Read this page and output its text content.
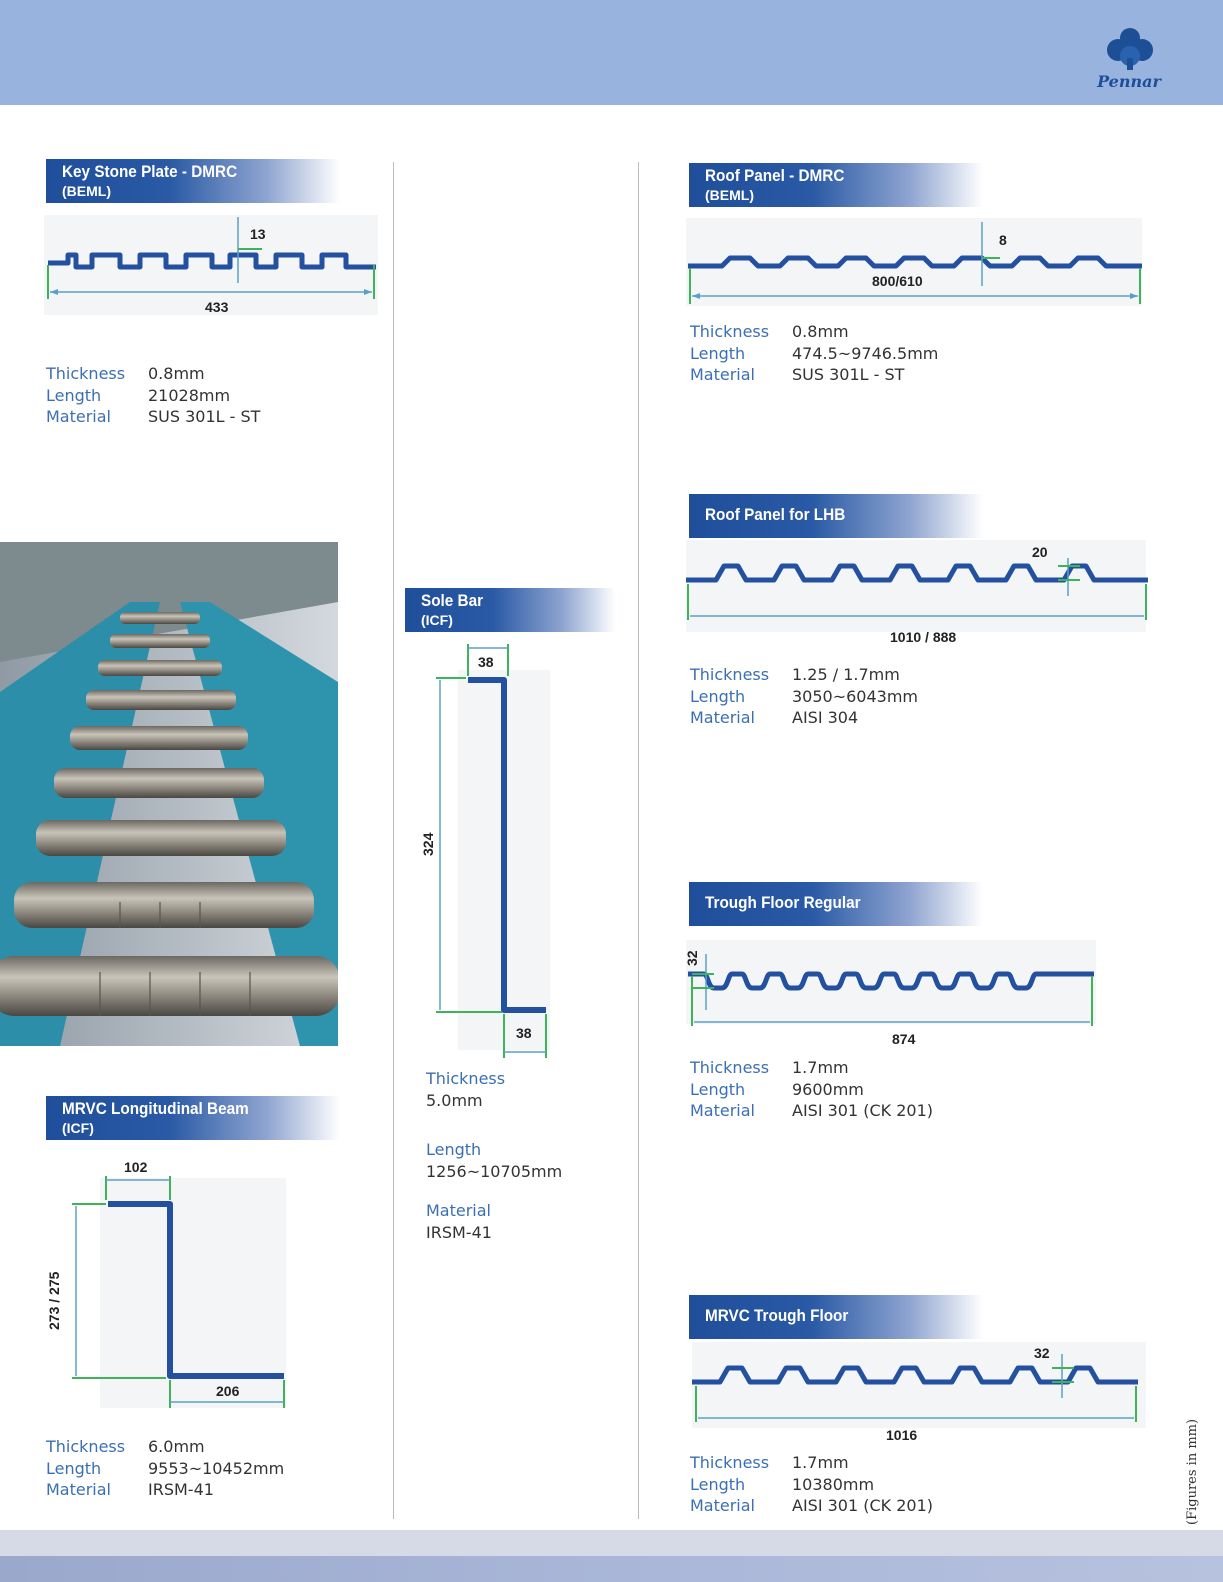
Pennar
Key Stone Plate - DMRC
(BEML)
13
433
Thickness	0.8mm
Length	21028mm
Material	SUS 301L - ST
MRVC Longitudinal Beam
(ICF)
102
273 / 275
206
Thickness	6.0mm
Length	9553~10452mm
Material	IRSM-41
Sole Bar
(ICF)
38
324
38
Thickness
5.0mm
Length
1256~10705mm
Material
IRSM-41
Roof Panel - DMRC
(BEML)
8
800/610
Thickness	0.8mm
Length	474.5~9746.5mm
Material	SUS 301L - ST
Roof Panel for LHB
20
1010 / 888
Thickness	1.25 / 1.7mm
Length	3050~6043mm
Material	AISI 304
Trough Floor Regular
32
874
Thickness	1.7mm
Length	9600mm
Material	AISI 301 (CK 201)
MRVC Trough Floor
32
1016
Thickness	1.7mm
Length	10380mm
Material	AISI 301 (CK 201)	(Figures in mm)
